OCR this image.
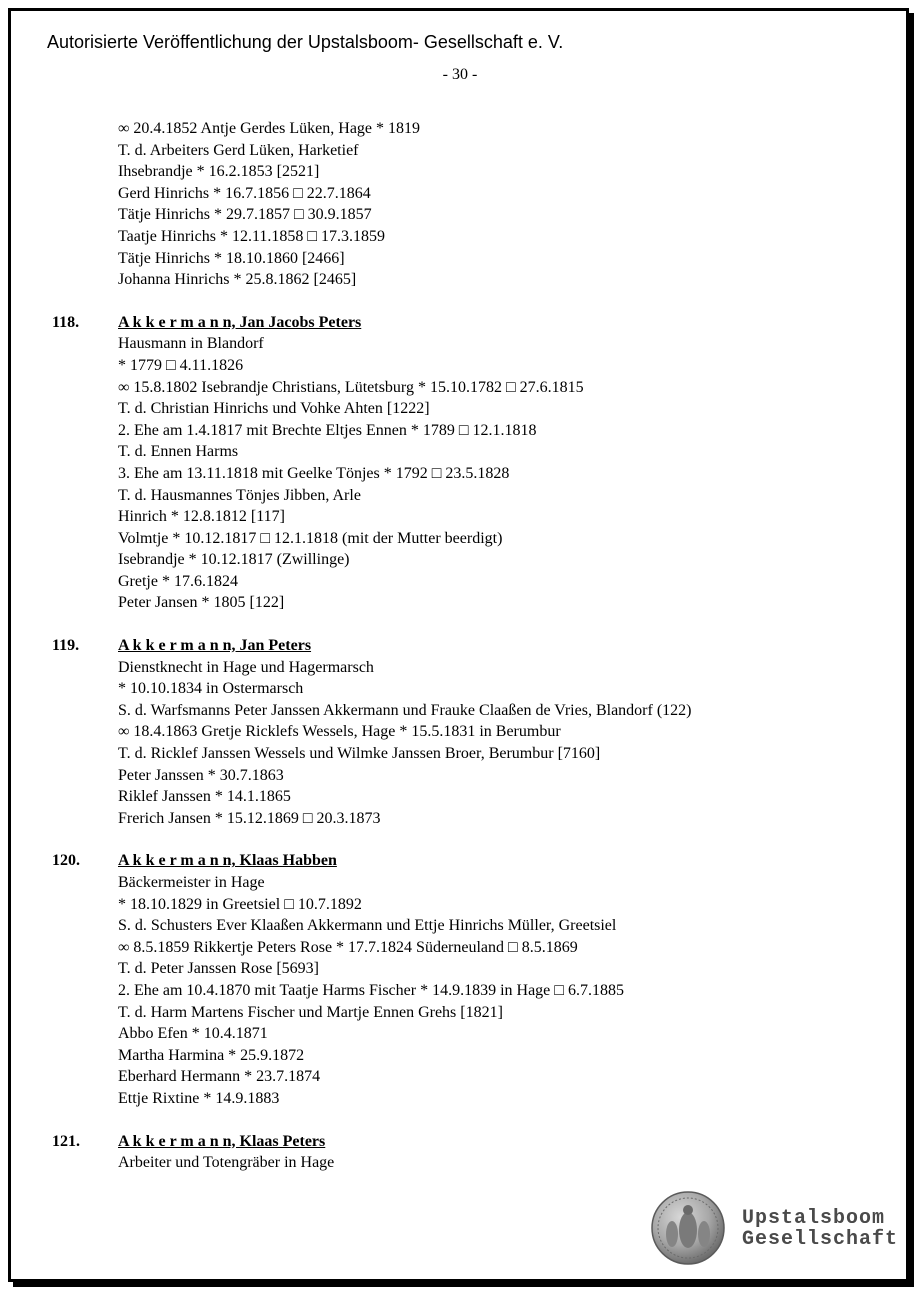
Autorisierte Veröffentlichung der Upstalsboom- Gesellschaft e. V.
- 30 -
∞ 20.4.1852 Antje Gerdes Lüken, Hage * 1819
T. d. Arbeiters Gerd Lüken, Harketief
Ihsebrandje * 16.2.1853 [2521]
Gerd Hinrichs * 16.7.1856 □ 22.7.1864
Tätje Hinrichs * 29.7.1857 □ 30.9.1857
Taatje Hinrichs * 12.11.1858 □ 17.3.1859
Tätje Hinrichs * 18.10.1860 [2466]
Johanna Hinrichs * 25.8.1862 [2465]
118. A k k e r m a n n, Jan Jacobs Peters
Hausmann in Blandorf
* 1779 □ 4.11.1826
∞ 15.8.1802 Isebrandje Christians, Lütetsburg * 15.10.1782 □ 27.6.1815
T. d. Christian Hinrichs und Vohke Ahten [1222]
2. Ehe am 1.4.1817 mit Brechte Eltjes Ennen * 1789 □ 12.1.1818
T. d. Ennen Harms
3. Ehe am 13.11.1818 mit Geelke Tönjes * 1792 □ 23.5.1828
T. d. Hausmannes Tönjes Jibben, Arle
Hinrich * 12.8.1812 [117]
Volmtje * 10.12.1817 □ 12.1.1818 (mit der Mutter beerdigt)
Isebrandje * 10.12.1817 (Zwillinge)
Gretje * 17.6.1824
Peter Jansen * 1805 [122]
119. A k k e r m a n n, Jan Peters
Dienstknecht in Hage und Hagermarsch
* 10.10.1834 in Ostermarsch
S. d. Warfsmanns Peter Janssen Akkermann und Frauke Claaßen de Vries, Blandorf (122)
∞ 18.4.1863 Gretje Ricklefs Wessels, Hage * 15.5.1831 in Berumbur
T. d. Ricklef Janssen Wessels und Wilmke Janssen Broer, Berumbur [7160]
Peter Janssen * 30.7.1863
Riklef Janssen * 14.1.1865
Frerich Jansen * 15.12.1869 □ 20.3.1873
120. A k k e r m a n n, Klaas Habben
Bäckermeister in Hage
* 18.10.1829 in Greetsiel □ 10.7.1892
S. d. Schusters Ever Klaaßen Akkermann und Ettje Hinrichs Müller, Greetsiel
∞ 8.5.1859 Rikkertje Peters Rose * 17.7.1824 Süderneuland □ 8.5.1869
T. d. Peter Janssen Rose [5693]
2. Ehe am 10.4.1870 mit Taatje Harms Fischer * 14.9.1839 in Hage □ 6.7.1885
T. d. Harm Martens Fischer und Martje Ennen Grehs [1821]
Abbo Efen * 10.4.1871
Martha Harmina * 25.9.1872
Eberhard Hermann * 23.7.1874
Ettje Rixtine * 14.9.1883
121. A k k e r m a n n, Klaas Peters
Arbeiter und Totengräber in Hage
Upstalsboom
Gesellschaft
